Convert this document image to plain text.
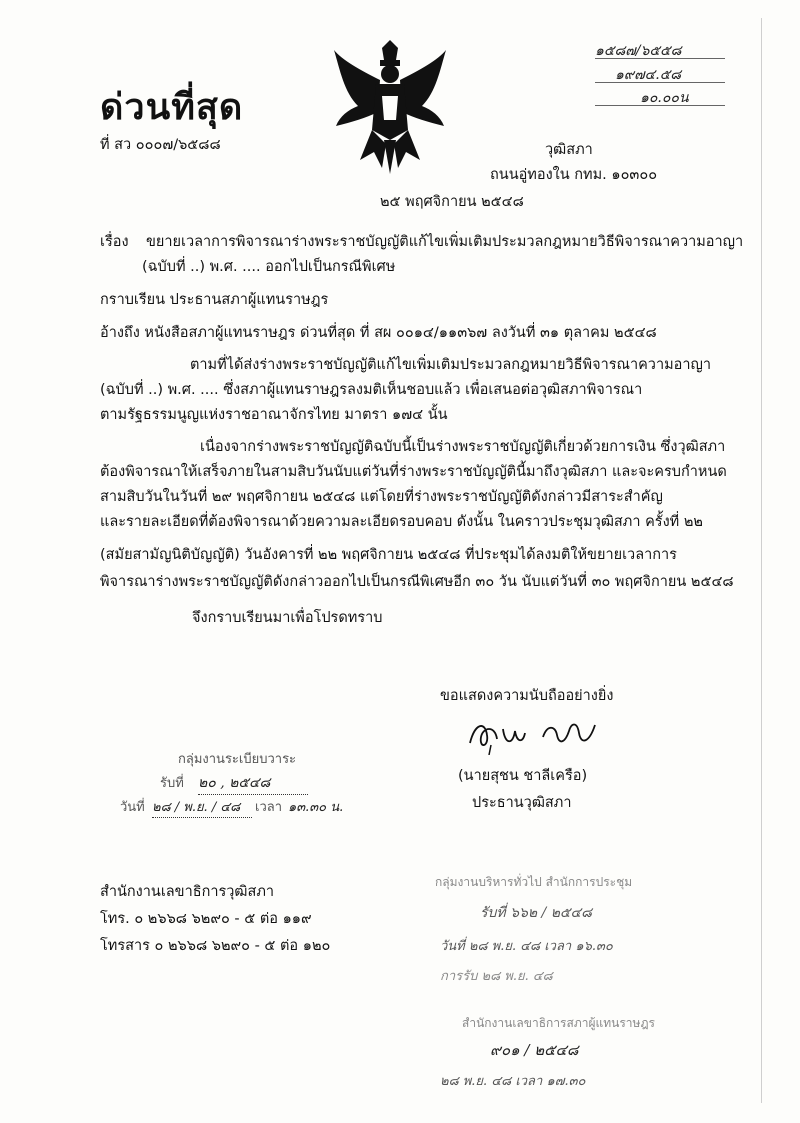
ด่วนที่สุด
ที่ สว ๐๐๐๗/๖๕๘๘
๑๕๘๗/๖๕๕๘
๑๙๗๔.๕๘
๑๐.๐๐น
วุฒิสภา
ถนนอู่ทองใน กทม. ๑๐๓๐๐
๒๕ พฤศจิกายน ๒๕๔๘
เรื่อง ขยายเวลาการพิจารณาร่างพระราชบัญญัติแก้ไขเพิ่มเติมประมวลกฎหมายวิธีพิจารณาความอาญา
(ฉบับที่ ..) พ.ศ. .... ออกไปเป็นกรณีพิเศษ
กราบเรียน ประธานสภาผู้แทนราษฎร
อ้างถึง หนังสือสภาผู้แทนราษฎร ด่วนที่สุด ที่ สผ ๐๐๑๔/๑๑๓๖๗ ลงวันที่ ๓๑ ตุลาคม ๒๕๔๘
ตามที่ได้ส่งร่างพระราชบัญญัติแก้ไขเพิ่มเติมประมวลกฎหมายวิธีพิจารณาความอาญา
(ฉบับที่ ..) พ.ศ. .... ซึ่งสภาผู้แทนราษฎรลงมติเห็นชอบแล้ว เพื่อเสนอต่อวุฒิสภาพิจารณา
ตามรัฐธรรมนูญแห่งราชอาณาจักรไทย มาตรา ๑๗๔ นั้น
เนื่องจากร่างพระราชบัญญัติฉบับนี้เป็นร่างพระราชบัญญัติเกี่ยวด้วยการเงิน ซึ่งวุฒิสภา
ต้องพิจารณาให้เสร็จภายในสามสิบวันนับแต่วันที่ร่างพระราชบัญญัตินี้มาถึงวุฒิสภา และจะครบกำหนด
สามสิบวันในวันที่ ๒๙ พฤศจิกายน ๒๕๔๘ แต่โดยที่ร่างพระราชบัญญัติดังกล่าวมีสาระสำคัญ
และรายละเอียดที่ต้องพิจารณาด้วยความละเอียดรอบคอบ ดังนั้น ในคราวประชุมวุฒิสภา ครั้งที่ ๒๒
(สมัยสามัญนิติบัญญัติ) วันอังคารที่ ๒๒ พฤศจิกายน ๒๕๔๘ ที่ประชุมได้ลงมติให้ขยายเวลาการ
พิจารณาร่างพระราชบัญญัติดังกล่าวออกไปเป็นกรณีพิเศษอีก ๓๐ วัน นับแต่วันที่ ๓๐ พฤศจิกายน ๒๕๔๘
จึงกราบเรียนมาเพื่อโปรดทราบ
ขอแสดงความนับถืออย่างยิ่ง
(นายสุชน ชาลีเครือ)
ประธานวุฒิสภา
กลุ่มงานระเบียบวาระ
รับที่ ๒๐ , ๒๕๔๘
วันที่ ๒๘ / พ.ย. / ๔๘	เวลา ๑๓.๓๐ น.
สำนักงานเลขาธิการวุฒิสภา
โทร. ๐ ๒๖๖๘ ๖๒๙๐ - ๕ ต่อ ๑๑๙
โทรสาร ๐ ๒๖๖๘ ๖๒๙๐ - ๕ ต่อ ๑๒๐
กลุ่มงานบริหารทั่วไป สำนักการประชุม
รับที่ ๖๖๒ / ๒๕๔๘
วันที่ ๒๘ พ.ย. ๔๘ เวลา ๑๖.๓๐
การรับ ๒๘ พ.ย. ๔๘
สำนักงานเลขาธิการสภาผู้แทนราษฎร
๙๐๑ / ๒๕๔๘
๒๘ พ.ย. ๔๘ เวลา ๑๗.๓๐
